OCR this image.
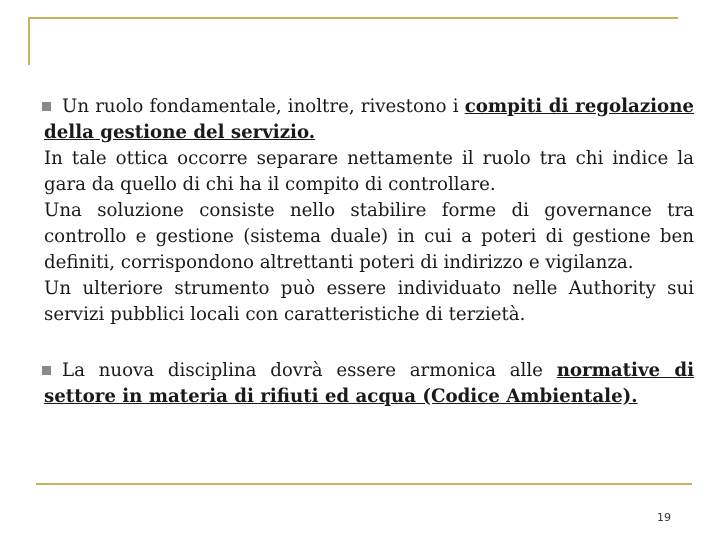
Un ruolo fondamentale, inoltre, rivestono i compiti di regolazione della gestione del servizio.

In tale ottica occorre separare nettamente il ruolo tra chi indice la gara da quello di chi ha il compito di controllare.

Una soluzione consiste nello stabilire forme di governance tra controllo e gestione (sistema duale) in cui a poteri di gestione ben definiti, corrispondono altrettanti poteri di indirizzo e vigilanza.

Un ulteriore strumento può essere individuato nelle Authority sui servizi pubblici locali con caratteristiche di terzietà.

La nuova disciplina dovrà essere armonica alle normative di settore in materia di rifiuti ed acqua (Codice Ambientale).

19
